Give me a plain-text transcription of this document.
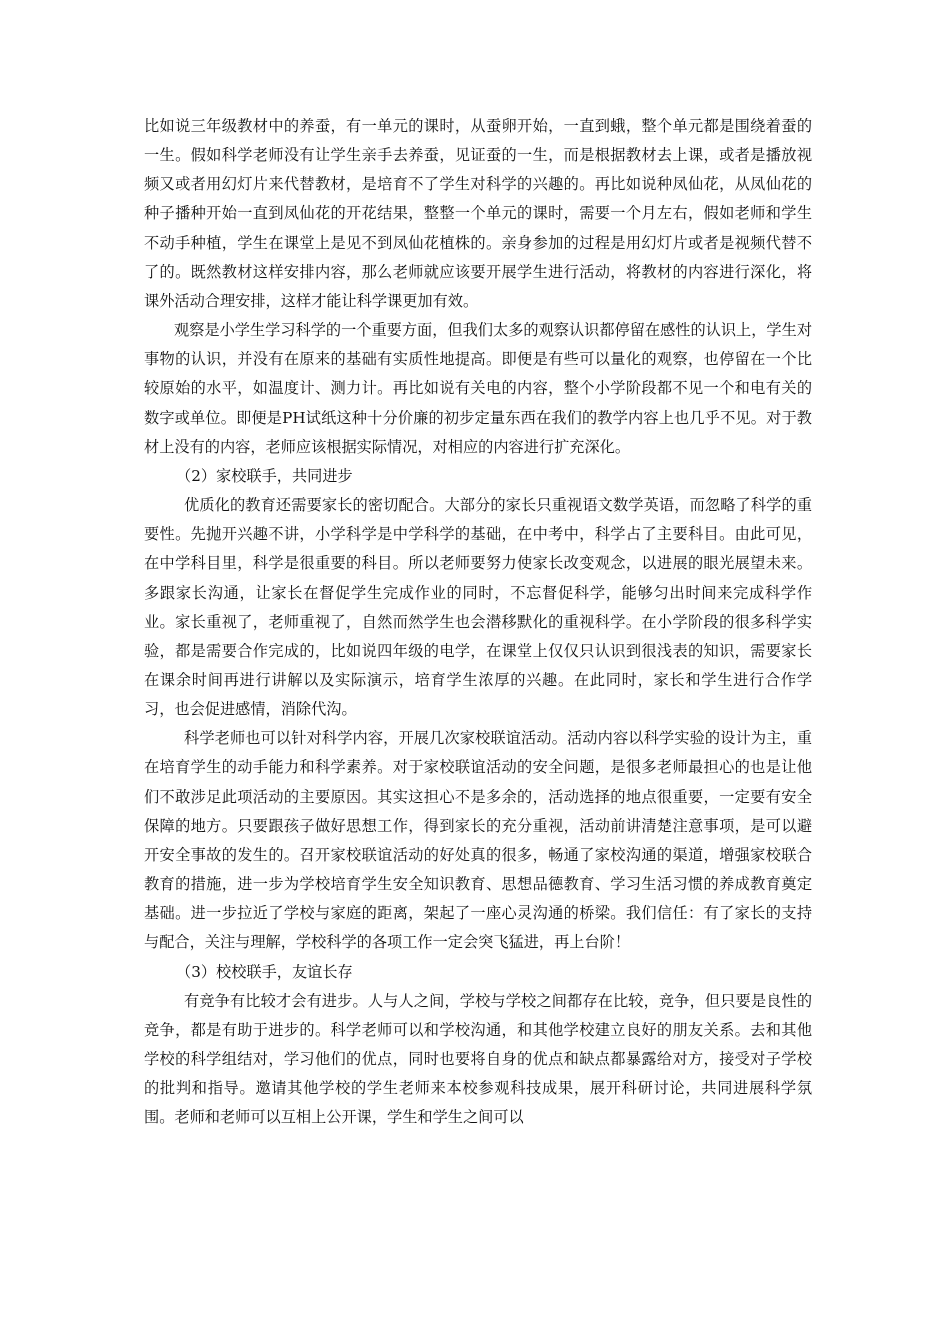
比如说三年级教材中的养蚕，有一单元的课时，从蚕卵开始，一直到蛾，整个单元都是围绕着蚕的一生。假如科学老师没有让学生亲手去养蚕，见证蚕的一生，而是根据教材去上课，或者是播放视频又或者用幻灯片来代替教材，是培育不了学生对科学的兴趣的。再比如说种凤仙花，从凤仙花的种子播种开始一直到凤仙花的开花结果，整整一个单元的课时，需要一个月左右，假如老师和学生不动手种植，学生在课堂上是见不到凤仙花植株的。亲身参加的过程是用幻灯片或者是视频代替不了的。既然教材这样安排内容，那么老师就应该要开展学生进行活动，将教材的内容进行深化，将课外活动合理安排，这样才能让科学课更加有效。

观察是小学生学习科学的一个重要方面，但我们太多的观察认识都停留在感性的认识上，学生对事物的认识，并没有在原来的基础有实质性地提高。即便是有些可以量化的观察，也停留在一个比较原始的水平，如温度计、测力计。再比如说有关电的内容，整个小学阶段都不见一个和电有关的数字或单位。即便是PH试纸这种十分价廉的初步定量东西在我们的教学内容上也几乎不见。对于教材上没有的内容，老师应该根据实际情况，对相应的内容进行扩充深化。

（2）家校联手，共同进步

优质化的教育还需要家长的密切配合。大部分的家长只重视语文数学英语，而忽略了科学的重要性。先抛开兴趣不讲，小学科学是中学科学的基础，在中考中，科学占了主要科目。由此可见，在中学科目里，科学是很重要的科目。所以老师要努力使家长改变观念，以进展的眼光展望未来。多跟家长沟通，让家长在督促学生完成作业的同时，不忘督促科学，能够匀出时间来完成科学作业。家长重视了，老师重视了，自然而然学生也会潜移默化的重视科学。在小学阶段的很多科学实验，都是需要合作完成的，比如说四年级的电学，在课堂上仅仅只认识到很浅表的知识，需要家长在课余时间再进行讲解以及实际演示，培育学生浓厚的兴趣。在此同时，家长和学生进行合作学习，也会促进感情，消除代沟。

科学老师也可以针对科学内容，开展几次家校联谊活动。活动内容以科学实验的设计为主，重在培育学生的动手能力和科学素养。对于家校联谊活动的安全问题，是很多老师最担心的也是让他们不敢涉足此项活动的主要原因。其实这担心不是多余的，活动选择的地点很重要，一定要有安全保障的地方。只要跟孩子做好思想工作，得到家长的充分重视，活动前讲清楚注意事项，是可以避开安全事故的发生的。召开家校联谊活动的好处真的很多，畅通了家校沟通的渠道，增强家校联合教育的措施，进一步为学校培育学生安全知识教育、思想品德教育、学习生活习惯的养成教育奠定基础。进一步拉近了学校与家庭的距离，架起了一座心灵沟通的桥梁。我们信任：有了家长的支持与配合，关注与理解，学校科学的各项工作一定会突飞猛进，再上台阶！

（3）校校联手，友谊长存

有竞争有比较才会有进步。人与人之间，学校与学校之间都存在比较，竞争，但只要是良性的竞争，都是有助于进步的。科学老师可以和学校沟通，和其他学校建立良好的朋友关系。去和其他学校的科学组结对，学习他们的优点，同时也要将自身的优点和缺点都暴露给对方，接受对子学校的批判和指导。邀请其他学校的学生老师来本校参观科技成果，展开科研讨论，共同进展科学氛围。老师和老师可以互相上公开课，学生和学生之间可以
